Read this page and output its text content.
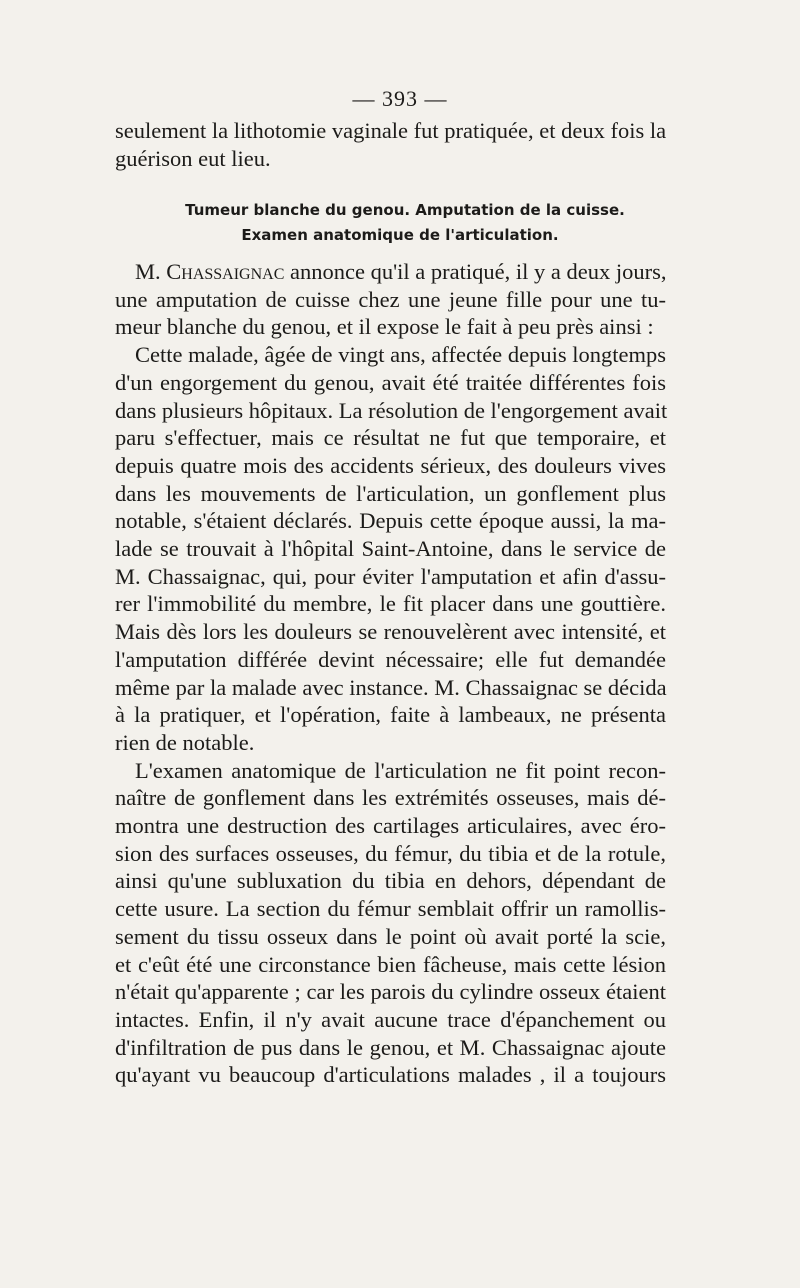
— 393 —
seulement la lithotomie vaginale fut pratiquée, et deux fois la
guérison eut lieu.
Tumeur blanche du genou. Amputation de la cuisse.
Examen anatomique de l'articulation.
M. Chassaignac annonce qu'il a pratiqué, il y a deux jours,
une amputation de cuisse chez une jeune fille pour une tu-
meur blanche du genou, et il expose le fait à peu près ainsi :
Cette malade, âgée de vingt ans, affectée depuis longtemps
d'un engorgement du genou, avait été traitée différentes fois
dans plusieurs hôpitaux. La résolution de l'engorgement avait
paru s'effectuer, mais ce résultat ne fut que temporaire, et
depuis quatre mois des accidents sérieux, des douleurs vives
dans les mouvements de l'articulation, un gonflement plus
notable, s'étaient déclarés. Depuis cette époque aussi, la ma-
lade se trouvait à l'hôpital Saint-Antoine, dans le service de
M. Chassaignac, qui, pour éviter l'amputation et afin d'assu-
rer l'immobilité du membre, le fit placer dans une gouttière.
Mais dès lors les douleurs se renouvelèrent avec intensité, et
l'amputation différée devint nécessaire; elle fut demandée
même par la malade avec instance. M. Chassaignac se décida
à la pratiquer, et l'opération, faite à lambeaux, ne présenta
rien de notable.
L'examen anatomique de l'articulation ne fit point recon-
naître de gonflement dans les extrémités osseuses, mais dé-
montra une destruction des cartilages articulaires, avec éro-
sion des surfaces osseuses, du fémur, du tibia et de la rotule,
ainsi qu'une subluxation du tibia en dehors, dépendant de
cette usure. La section du fémur semblait offrir un ramollis-
sement du tissu osseux dans le point où avait porté la scie,
et c'eût été une circonstance bien fâcheuse, mais cette lésion
n'était qu'apparente ; car les parois du cylindre osseux étaient
intactes. Enfin, il n'y avait aucune trace d'épanchement ou
d'infiltration de pus dans le genou, et M. Chassaignac ajoute
qu'ayant vu beaucoup d'articulations malades , il a toujours
